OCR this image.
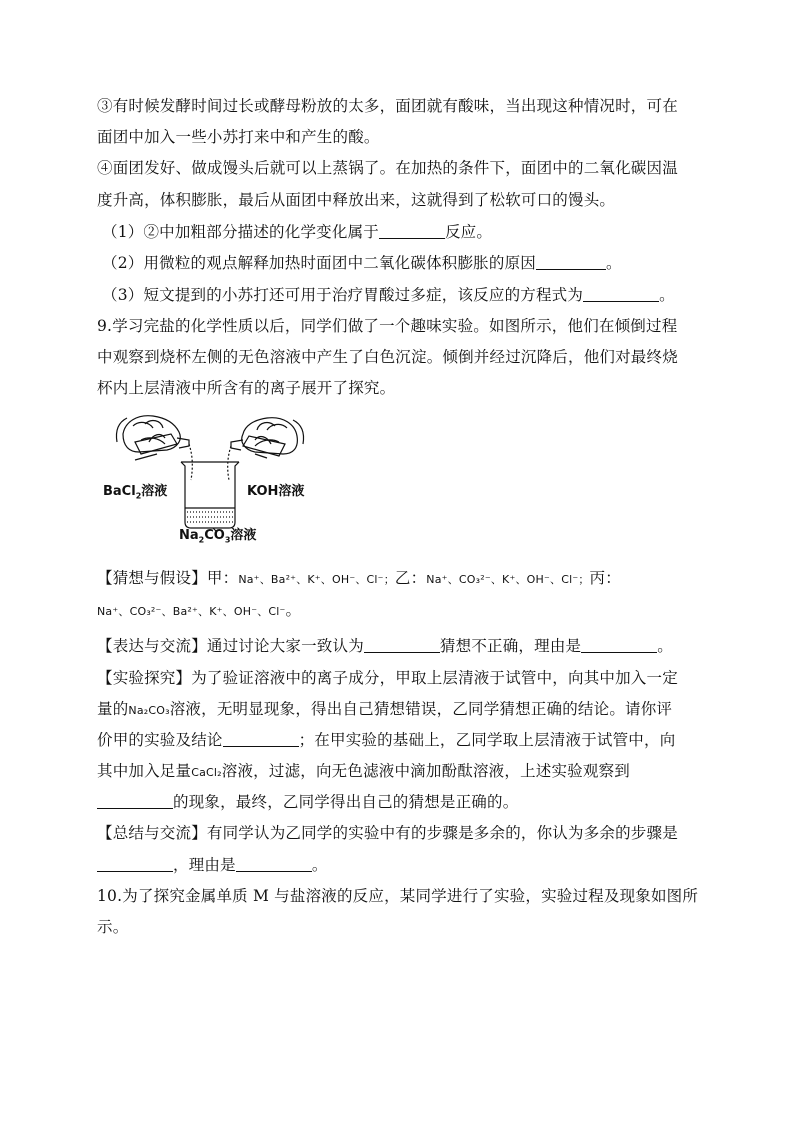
③有时候发酵时间过长或酵母粉放的太多，面团就有酸味，当出现这种情况时，可在
面团中加入一些小苏打来中和产生的酸。
④面团发好、做成馒头后就可以上蒸锅了。在加热的条件下，面团中的二氧化碳因温
度升高，体积膨胀，最后从面团中释放出来，这就得到了松软可口的馒头。
（1）②中加粗部分描述的化学变化属于	反应。
（2）用微粒的观点解释加热时面团中二氧化碳体积膨胀的原因	。
（3）短文提到的小苏打还可用于治疗胃酸过多症，该反应的方程式为	。
9.学习完盐的化学性质以后，同学们做了一个趣味实验。如图所示，他们在倾倒过程
中观察到烧杯左侧的无色溶液中产生了白色沉淀。倾倒并经过沉降后，他们对最终烧
杯内上层清液中所含有的离子展开了探究。
BaCl$_2$溶液	KOH溶液
$Na_2CO_3$溶液
【猜想与假设】甲：Na⁺、Ba²⁺、K⁺、OH⁻、Cl⁻；乙：Na⁺、CO₃²⁻、K⁺、OH⁻、Cl⁻；丙：
Na⁺、CO₃²⁻、Ba²⁺、K⁺、OH⁻、Cl⁻。
【表达与交流】通过讨论大家一致认为	猜想不正确，理由是	。
【实验探究】为了验证溶液中的离子成分，甲取上层清液于试管中，向其中加入一定
量的Na₂CO₃溶液，无明显现象，得出自己猜想错误，乙同学猜想正确的结论。请你评
价甲的实验及结论	；在甲实验的基础上，乙同学取上层清液于试管中，向
其中加入足量CaCl₂溶液，过滤，向无色滤液中滴加酚酞溶液，上述实验观察到
的现象，最终，乙同学得出自己的猜想是正确的。
【总结与交流】有同学认为乙同学的实验中有的步骤是多余的，你认为多余的步骤是
，理由是	。
10.为了探究金属单质 M 与盐溶液的反应，某同学进行了实验，实验过程及现象如图所
示。
